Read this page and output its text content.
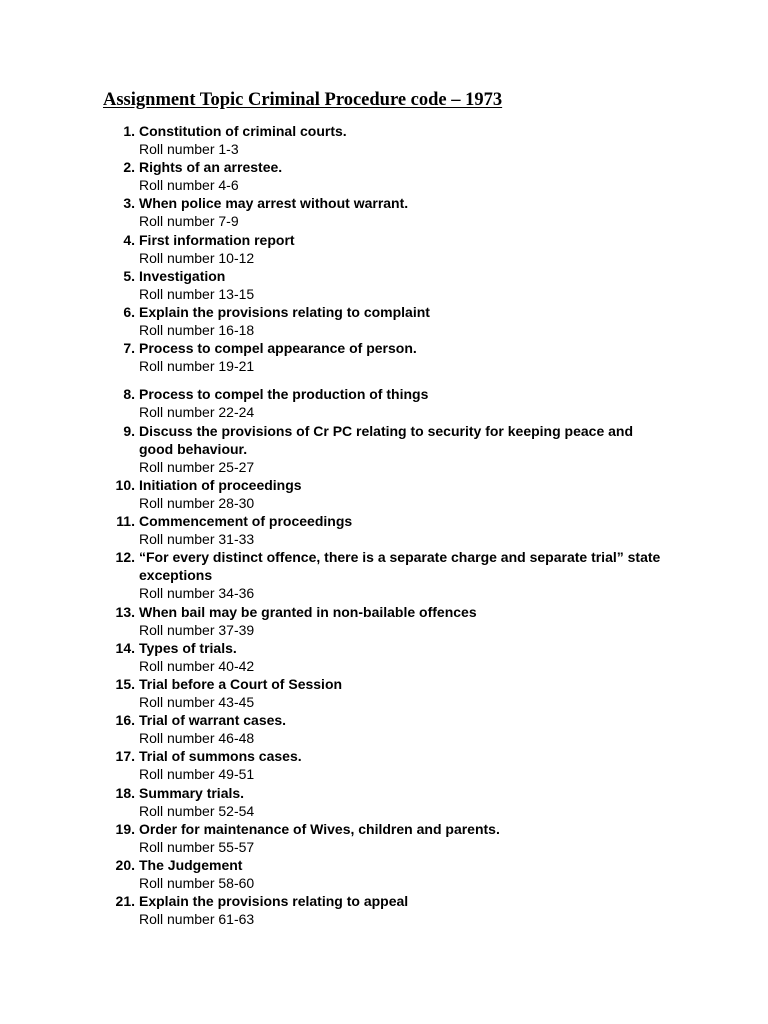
Assignment Topic Criminal Procedure code – 1973
1. Constitution of criminal courts.
Roll number 1-3
2. Rights of an arrestee.
Roll number 4-6
3. When police may arrest without warrant.
Roll number 7-9
4. First information report
Roll number 10-12
5. Investigation
Roll number 13-15
6. Explain the provisions relating to complaint
Roll number 16-18
7. Process to compel appearance of person.
Roll number 19-21
8. Process to compel the production of things
Roll number 22-24
9. Discuss the provisions of Cr PC relating to security for keeping peace and good behaviour.
Roll number 25-27
10. Initiation of proceedings
Roll number 28-30
11. Commencement of proceedings
Roll number 31-33
12. “For every distinct offence, there is a separate charge and separate trial” state exceptions
Roll number 34-36
13. When bail may be granted in non-bailable offences
Roll number 37-39
14. Types of trials.
Roll number 40-42
15. Trial before a Court of Session
Roll number 43-45
16. Trial of warrant cases.
Roll number 46-48
17. Trial of summons cases.
Roll number 49-51
18. Summary trials.
Roll number 52-54
19. Order for maintenance of Wives, children and parents.
Roll number 55-57
20. The Judgement
Roll number 58-60
21. Explain the provisions relating to appeal
Roll number 61-63
